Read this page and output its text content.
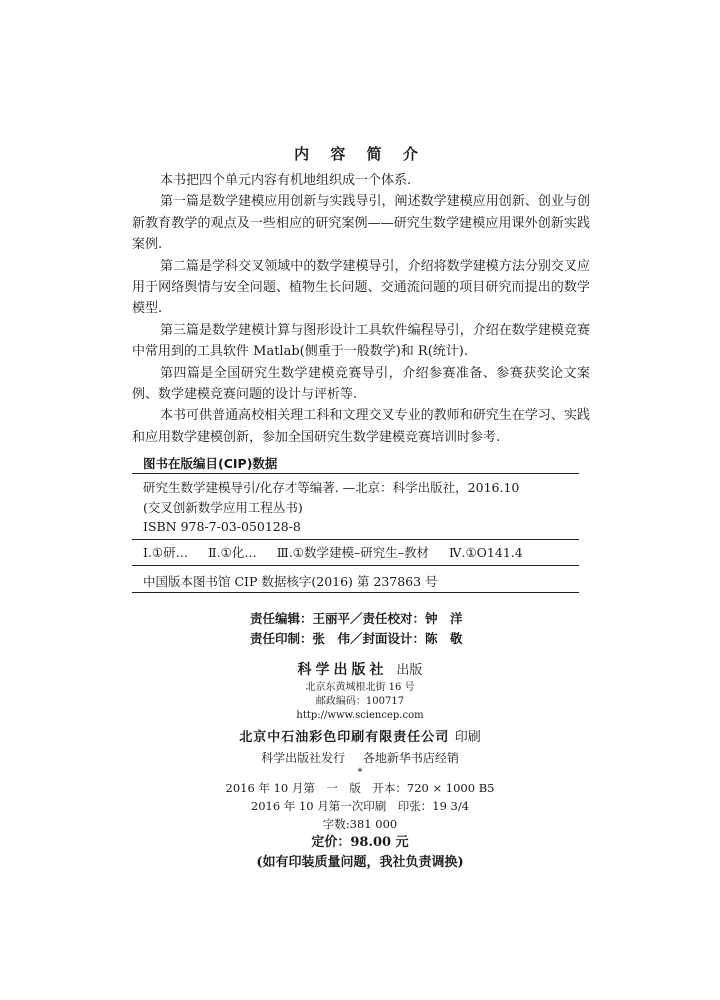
内 容 简 介

本书把四个单元内容有机地组织成一个体系.

第一篇是数学建模应用创新与实践导引，阐述数学建模应用创新、创业与创新教育教学的观点及一些相应的研究案例——研究生数学建模应用课外创新实践案例.

第二篇是学科交叉领域中的数学建模导引，介绍将数学建模方法分别交叉应用于网络舆情与安全问题、植物生长问题、交通流问题的项目研究而提出的数学模型.

第三篇是数学建模计算与图形设计工具软件编程导引，介绍在数学建模竞赛中常用到的工具软件 Matlab(侧重于一般数学)和 R(统计).

第四篇是全国研究生数学建模竞赛导引，介绍参赛准备、参赛获奖论文案例、数学建模竞赛问题的设计与评析等.

本书可供普通高校相关理工科和文理交叉专业的教师和研究生在学习、实践和应用数学建模创新，参加全国研究生数学建模竞赛培训时参考.

图书在版编目(CIP)数据
研究生数学建模导引/化存才等编著. —北京：科学出版社，2016.10
(交叉创新数学应用工程丛书)
ISBN 978-7-03-050128-8
Ⅰ.①研… Ⅱ.①化… Ⅲ.①数学建模–研究生–教材 Ⅳ.①O141.4
中国版本图书馆 CIP 数据核字(2016) 第 237863 号
责任编辑：王丽平／责任校对：钟　洋
责任印制：张　伟／封面设计：陈　敬
科学出版社 出版
北京东黄城根北街 16 号
邮政编码：100717
http://www.sciencep.com
北京中石油彩色印刷有限责任公司 印刷
科学出版社发行 各地新华书店经销
*
2016 年 10 月第　一　版　开本：720 × 1000 B5
2016 年 10 月第一次印刷　印张：19 3/4
字数:381 000
定价：98.00 元
(如有印装质量问题，我社负责调换)
